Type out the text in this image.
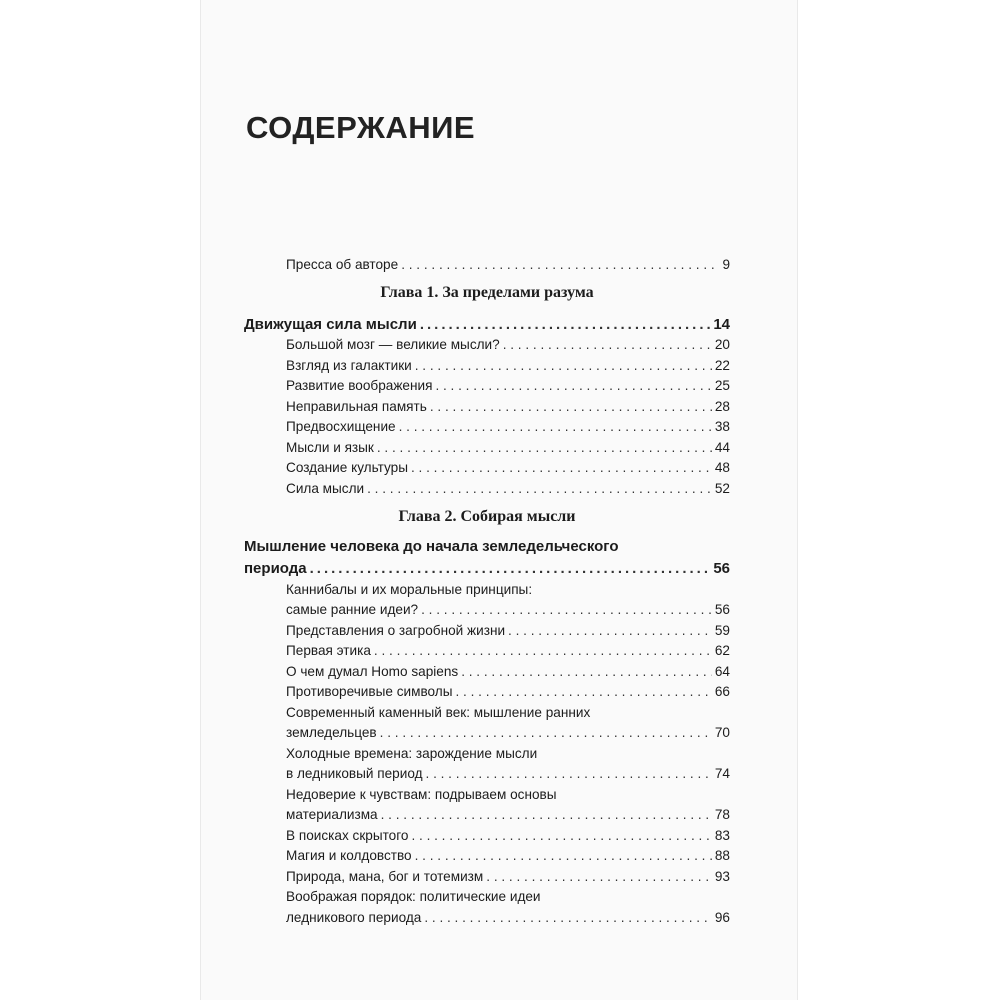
СОДЕРЖАНИЕ
Пресса об авторе . . .	9
Глава 1. За пределами разума
Движущая сила мысли .....	14
Большой мозг — великие мысли? . . .	20
Взгляд из галактики . . .	22
Развитие воображения . . .	25
Неправильная память . . .	28
Предвосхищение . . .	38
Мысли и язык . . .	44
Создание культуры . . .	48
Сила мысли . . .	52
Глава 2. Собирая мысли
Мышление человека до начала земледельческого
периода .....	56
Каннибалы и их моральные принципы:
самые ранние идеи? . . .	56
Представления о загробной жизни . . .	59
Первая этика . . .	62
О чем думал Homo sapiens . . .	64
Противоречивые символы . . .	66
Современный каменный век: мышление ранних
земледельцев . . .	70
Холодные времена: зарождение мысли
в ледниковый период . . .	74
Недоверие к чувствам: подрываем основы
материализма . . .	78
В поисках скрытого . . .	83
Магия и колдовство . . .	88
Природа, мана, бог и тотемизм . . .	93
Воображая порядок: политические идеи
ледникового периода . . .	96
